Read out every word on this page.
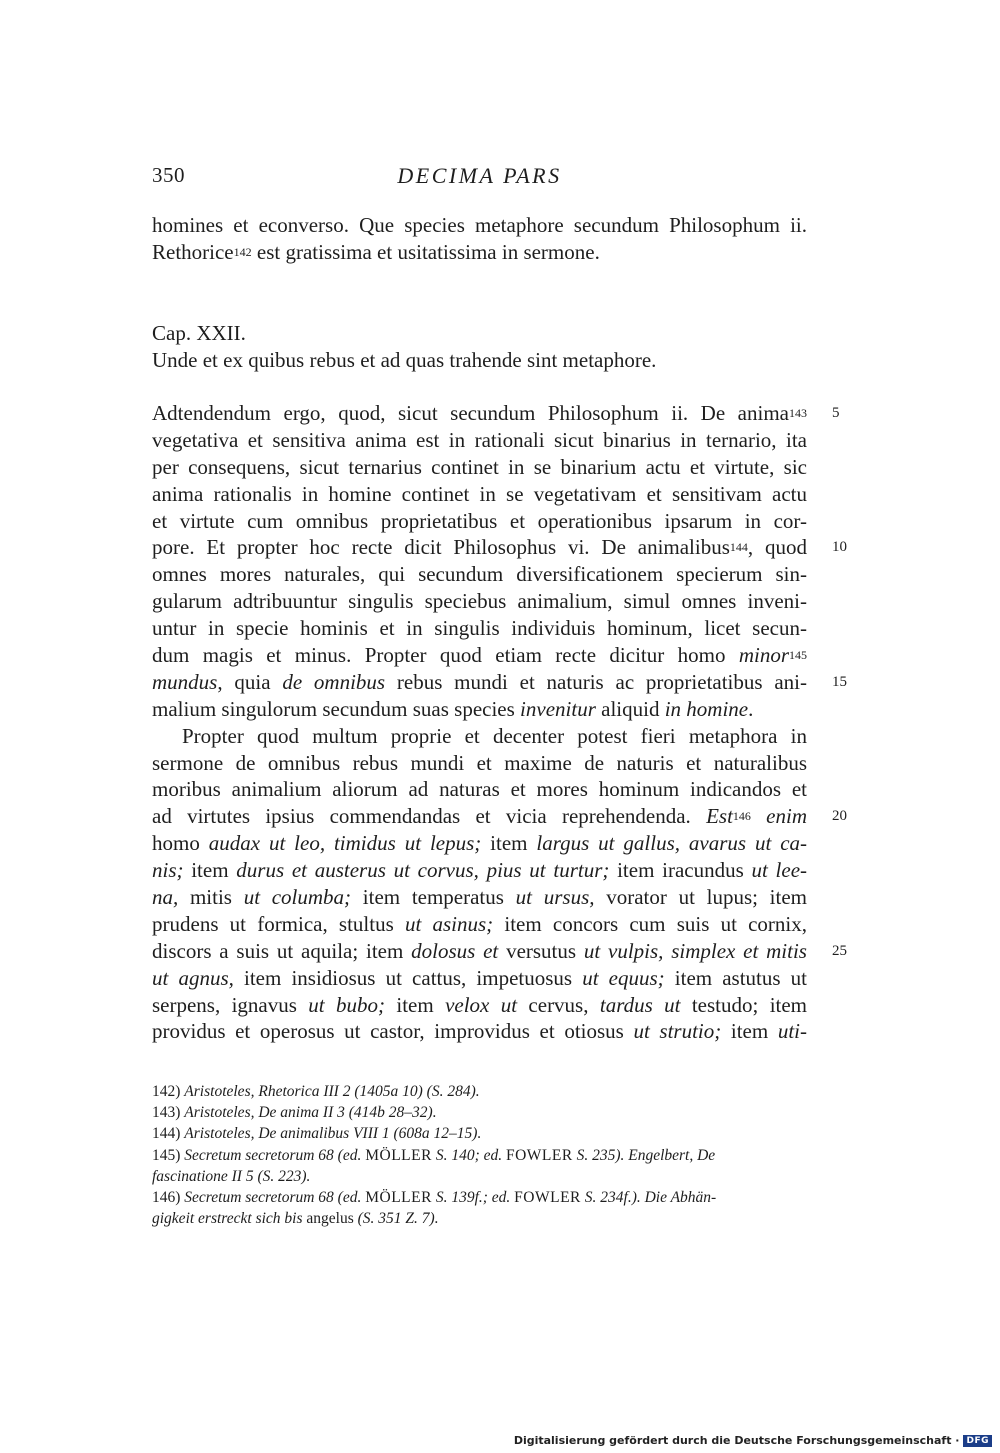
350	DECIMA PARS
homines et econverso. Que species metaphore secundum Philosophum ii.
Rethorice$^{142}$ est gratissima et usitatissima in sermone.
Cap. XXII.
Unde et ex quibus rebus et ad quas trahende sint metaphore.
Adtendendum ergo, quod, sicut secundum Philosophum ii. De anima$^{143}$ 5
vegetativa et sensitiva anima est in rationali sicut binarius in ternario, ita
per consequens, sicut ternarius continet in se binarium actu et virtute, sic
anima rationalis in homine continet in se vegetativam et sensitivam actu
et virtute cum omnibus proprietatibus et operationibus ipsarum in cor-
pore. Et propter hoc recte dicit Philosophus vi. De animalibus$^{144}$, quod 10
omnes mores naturales, qui secundum diversificationem specierum sin-
gularum adtribuuntur singulis speciebus animalium, simul omnes inveni-
untur in specie hominis et in singulis individuis hominum, licet secun-
dum magis et minus. Propter quod etiam recte dicitur homo minor$^{145}$
mundus, quia de omnibus rebus mundi et naturis ac proprietatibus ani- 15
malium singulorum secundum suas species invenitur aliquid in homine.
Propter quod multum proprie et decenter potest fieri metaphora in
sermone de omnibus rebus mundi et maxime de naturis et naturalibus
moribus animalium aliorum ad naturas et mores hominum indicandos et
ad virtutes ipsius commendandas et vicia reprehendenda. Est$^{146}$ enim 20
homo audax ut leo, timidus ut lepus; item largus ut gallus, avarus ut ca-
nis; item durus et austerus ut corvus, pius ut turtur; item iracundus ut lee-
na, mitis ut columba; item temperatus ut ursus, vorator ut lupus; item
prudens ut formica, stultus ut asinus; item concors cum suis ut cornix,
discors a suis ut aquila; item dolosus et versutus ut vulpis, simplex et mitis 25
ut agnus, item insidiosus ut cattus, impetuosus ut equus; item astutus ut
serpens, ignavus ut bubo; item velox ut cervus, tardus ut testudo; item
providus et operosus ut castor, improvidus et otiosus ut strutio; item uti-
142) Aristoteles, Rhetorica III 2 (1405a 10) (S. 284).
143) Aristoteles, De anima II 3 (414b 28–32).
144) Aristoteles, De animalibus VIII 1 (608a 12–15).
145) Secretum secretorum 68 (ed. MÖLLER S. 140; ed. FOWLER S. 235). Engelbert, De
fascinatione II 5 (S. 223).
146) Secretum secretorum 68 (ed. MÖLLER S. 139f.; ed. FOWLER S. 234f.). Die Abhän-
gigkeit erstreckt sich bis angelus (S. 351 Z. 7).
Digitalisierung gefördert durch die Deutsche Forschungsgemeinschaft · DFG
